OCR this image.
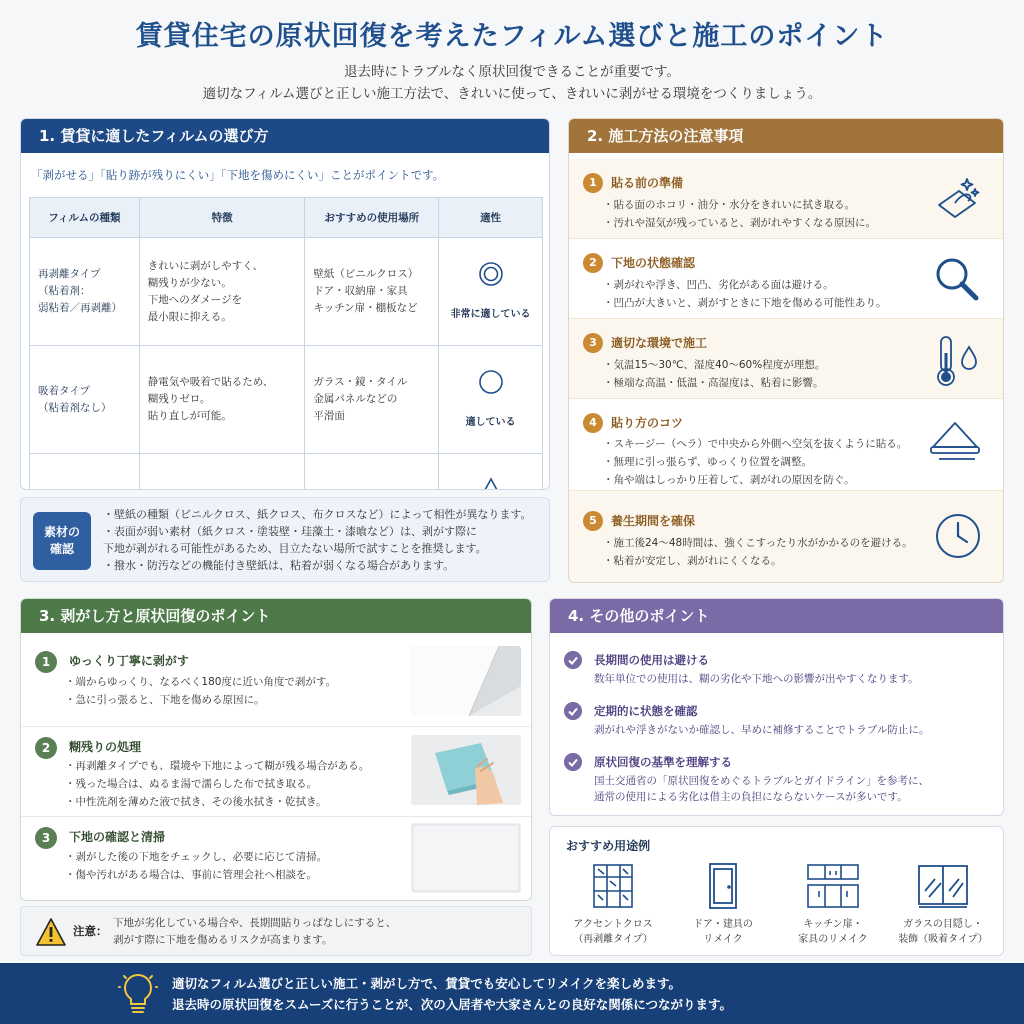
賃貸住宅の原状回復を考えたフィルム選びと施工のポイント
退去時にトラブルなく原状回復できることが重要です。
適切なフィルム選びと正しい施工方法で、きれいに使って、きれいに剥がせる環境をつくりましょう。
1. 賃貸に適したフィルムの選び方
「剥がせる」「貼り跡が残りにくい」「下地を傷めにくい」ことがポイントです。
フィルムの種類	特徴	おすすめの使用場所	適性
再剥離タイプ
（粘着剤：
弱粘着／再剥離）	きれいに剥がしやすく、
糊残りが少ない。
下地へのダメージを
最小限に抑える。	壁紙（ビニルクロス）
ドア・収納扉・家具
キッチン扉・棚板など	非常に適している

吸着タイプ
（粘着剤なし）	静電気や吸着で貼るため、
糊残りゼロ。
貼り直しが可能。	ガラス・鏡・タイル
金属パネルなどの
平滑面	適している

素材の
確認
・壁紙の種類（ビニルクロス、紙クロス、布クロスなど）によって相性が異なります。
・表面が弱い素材（紙クロス・塗装壁・珪藻土・漆喰など）は、剥がす際に
下地が剥がれる可能性があるため、目立たない場所で試すことを推奨します。
・撥水・防汚などの機能付き壁紙は、粘着が弱くなる場合があります。
2. 施工方法の注意事項
1	貼る前の準備
・貼る面のホコリ・油分・水分をきれいに拭き取る。
・汚れや湿気が残っていると、剥がれやすくなる原因に。
2	下地の状態確認
・剥がれや浮き、凹凸、劣化がある面は避ける。
・凹凸が大きいと、剥がすときに下地を傷める可能性あり。
3	適切な環境で施工
・気温15〜30℃、湿度40〜60%程度が理想。
・極端な高温・低温・高湿度は、粘着に影響。
4	貼り方のコツ
・スキージー（ヘラ）で中央から外側へ空気を抜くように貼る。
・無理に引っ張らず、ゆっくり位置を調整。
・角や端はしっかり圧着して、剥がれの原因を防ぐ。
5	養生期間を確保
・施工後24〜48時間は、強くこすったり水がかかるのを避ける。
・粘着が安定し、剥がれにくくなる。
3. 剥がし方と原状回復のポイント
1	ゆっくり丁寧に剥がす
・端からゆっくり、なるべく180度に近い角度で剥がす。
・急に引っ張ると、下地を傷める原因に。
2	糊残りの処理
・再剥離タイプでも、環境や下地によって糊が残る場合がある。
・残った場合は、ぬるま湯で濡らした布で拭き取る。
・中性洗剤を薄めた液で拭き、その後水拭き・乾拭き。
3	下地の確認と清掃
・剥がした後の下地をチェックし、必要に応じて清掃。
・傷や汚れがある場合は、事前に管理会社へ相談を。
注意：
下地が劣化している場合や、長期間貼りっぱなしにすると、
剥がす際に下地を傷めるリスクが高まります。
4. その他のポイント
長期間の使用は避ける
数年単位での使用は、糊の劣化や下地への影響が出やすくなります。
定期的に状態を確認
剥がれや浮きがないか確認し、早めに補修することでトラブル防止に。
原状回復の基準を理解する
国土交通省の「原状回復をめぐるトラブルとガイドライン」を参考に、
通常の使用による劣化は借主の負担にならないケースが多いです。
おすすめ用途例
アクセントクロス
（再剥離タイプ）
ドア・建具の
リメイク
キッチン扉・
家具のリメイク
ガラスの目隠し・
装飾（吸着タイプ）
適切なフィルム選びと正しい施工・剥がし方で、賃貸でも安心してリメイクを楽しめます。
退去時の原状回復をスムーズに行うことが、次の入居者や大家さんとの良好な関係につながります。
